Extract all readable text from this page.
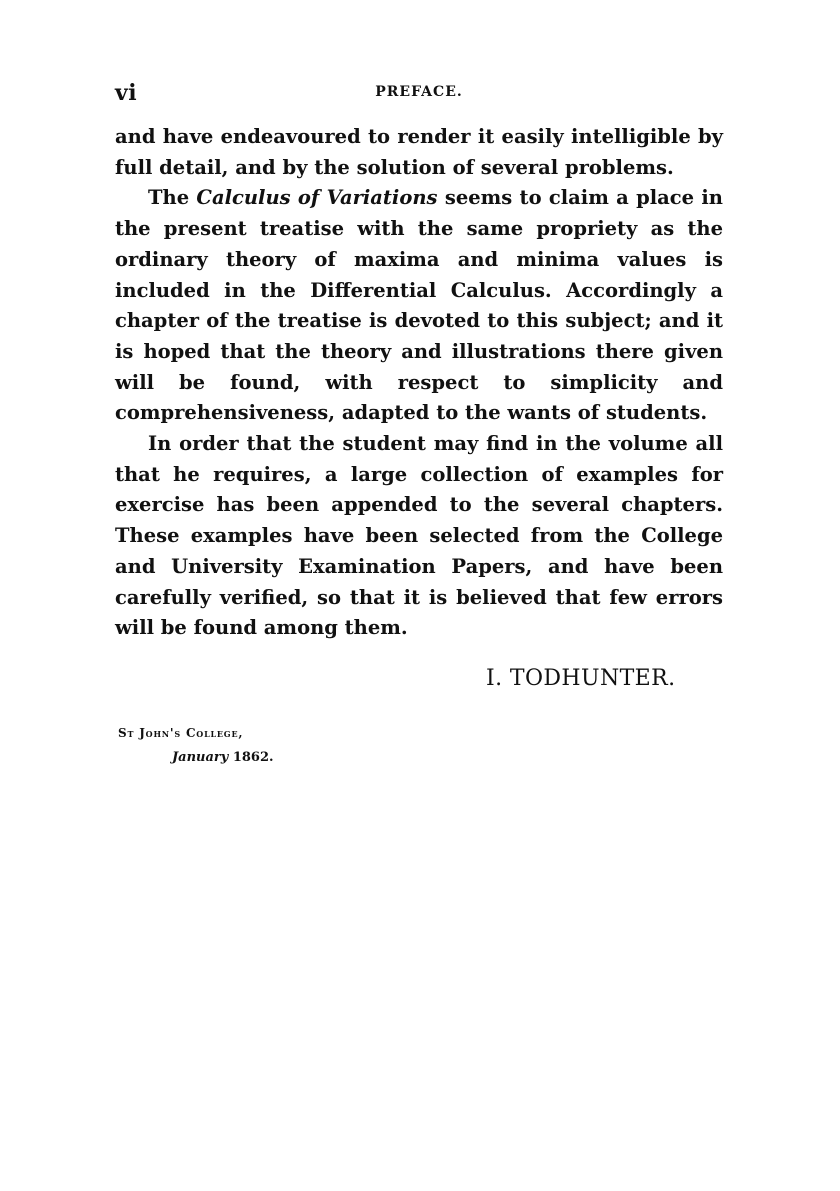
vi	PREFACE.

and have endeavoured to render it easily intelligible by full detail, and by the solution of several problems.

The Calculus of Variations seems to claim a place in the present treatise with the same propriety as the ordinary theory of maxima and minima values is included in the Differential Calculus. Accordingly a chapter of the treatise is devoted to this subject; and it is hoped that the theory and illustrations there given will be found, with respect to simplicity and comprehensiveness, adapted to the wants of students.

In order that the student may find in the volume all that he requires, a large collection of examples for exercise has been appended to the several chapters. These examples have been selected from the College and University Examination Papers, and have been carefully verified, so that it is believed that few errors will be found among them.

I. TODHUNTER.
St John's College,
January 1862.
